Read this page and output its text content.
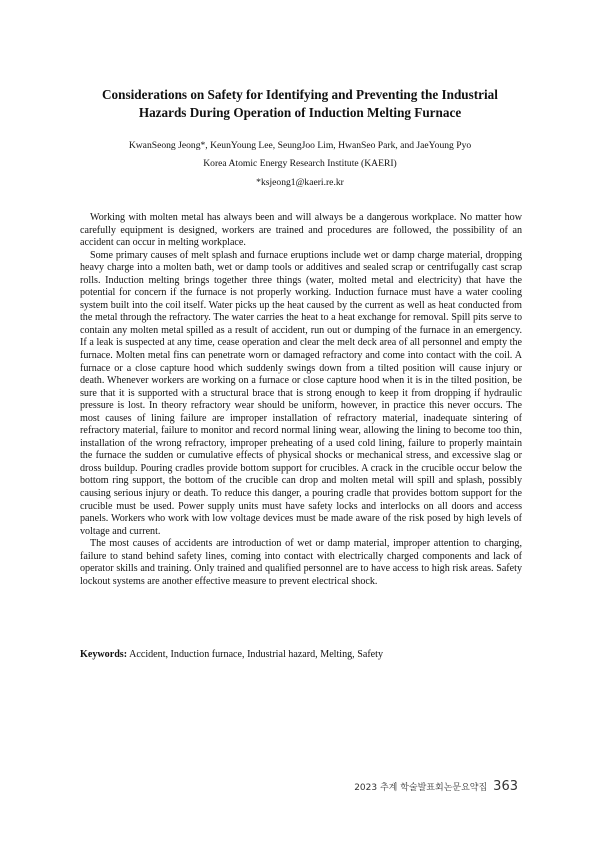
Considerations on Safety for Identifying and Preventing the Industrial
Hazards During Operation of Induction Melting Furnace
KwanSeong Jeong*, KeunYoung Lee, SeungJoo Lim, HwanSeo Park, and JaeYoung Pyo
Korea Atomic Energy Research Institute (KAERI)
*ksjeong1@kaeri.re.kr

Working with molten metal has always been and will always be a dangerous workplace. No matter how carefully equipment is designed, workers are trained and procedures are followed, the possibility of an accident can occur in melting workplace.

Some primary causes of melt splash and furnace eruptions include wet or damp charge material, dropping heavy charge into a molten bath, wet or damp tools or additives and sealed scrap or centrifugally cast scrap rolls. Induction melting brings together three things (water, molted metal and electricity) that have the potential for concern if the furnace is not properly working. Induction furnace must have a water cooling system built into the coil itself. Water picks up the heat caused by the current as well as heat conducted from the metal through the refractory. The water carries the heat to a heat exchange for removal. Spill pits serve to contain any molten metal spilled as a result of accident, run out or dumping of the furnace in an emergency. If a leak is suspected at any time, cease operation and clear the melt deck area of all personnel and empty the furnace. Molten metal fins can penetrate worn or damaged refractory and come into contact with the coil. A furnace or a close capture hood which suddenly swings down from a tilted position will cause injury or death. Whenever workers are working on a furnace or close capture hood when it is in the tilted position, be sure that it is supported with a structural brace that is strong enough to keep it from dropping if hydraulic pressure is lost. In theory refractory wear should be uniform, however, in practice this never occurs. The most causes of lining failure are improper installation of refractory material, inadequate sintering of refractory material, failure to monitor and record normal lining wear, allowing the lining to become too thin, installation of the wrong refractory, improper preheating of a used cold lining, failure to properly maintain the furnace the sudden or cumulative effects of physical shocks or mechanical stress, and excessive slag or dross buildup. Pouring cradles provide bottom support for crucibles. A crack in the crucible occur below the bottom ring support, the bottom of the crucible can drop and molten metal will spill and splash, possibly causing serious injury or death. To reduce this danger, a pouring cradle that provides bottom support for the crucible must be used. Power supply units must have safety locks and interlocks on all doors and access panels. Workers who work with low voltage devices must be made aware of the risk posed by high levels of voltage and current.

The most causes of accidents are introduction of wet or damp material, improper attention to charging, failure to stand behind safety lines, coming into contact with electrically charged components and lack of operator skills and training. Only trained and qualified personnel are to have access to high risk areas. Safety lockout systems are another effective measure to prevent electrical shock.

Keywords: Accident, Induction furnace, Industrial hazard, Melting, Safety
2023 추계 학술발표회논문요약집 363
